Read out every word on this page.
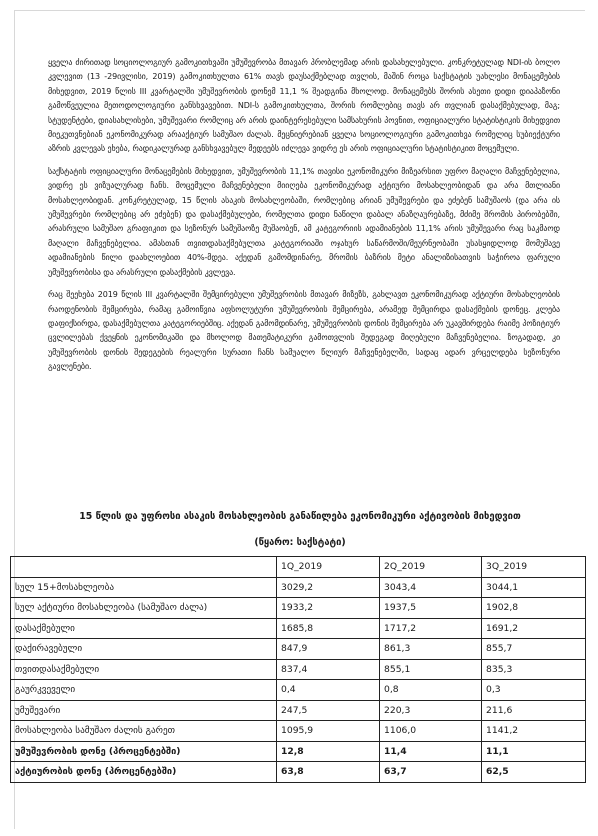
ყველა ძირითად სოციოლოგიურ გამოკითხვაში უმუშევრობა მთავარ პრობლემად არის დასახელებული. კონკრეტულად NDI-ის ბოლო კვლევით (13 -29ივლისი, 2019) გამოკითხულთა 61% თავს დაუსაქმებლად თვლის, მაშინ როცა საქსტატის უახლესი მონაცემების მიხედვით, 2019 წლის III კვარტალში უმუშევრობის დონემ 11,1 % შეადგინა მხოლოდ. მონაცემებს შორის ასეთი დიდი დიაპაზონი გამოწვეულია მეთოდოლოგიური განსხვავებით. NDI-ს გამოკითხულთა, შორის რომლებიც თავს არ თვლიან დასაქმებულად, მაგ; სტუდენტები, დიასახლისები, უმუშევარი რომლიც არ არის დაინტერესებული სამსახურის პოვნით, ოფიციალური სტატისტიკის მიხედვით მიეკუთვნებიან ეკონომიკურად არააქტიურ სამუშაო ძალას. მეცნიერებიან ყველა სოციოლოგიური გამოკითხვა რომელიც სუბიექტური აზრის კვლევას ეხება, რადიკალურად განსხვავებულ მედეებს იძლევა ვიდრე ეს არის ოფიციალური სტატისტიკით მოცემული.

საქსტატის ოფიციალური მონაცემების მიხედვით, უმუშევრობის 11,1% თავისი ეკონომიკური მიზეარსით უფრო მაღალი მაჩვენებელია, ვიდრე ეს ვიზუალურად ჩანს. მოცემული მაჩვენებელი მიიღება ეკონომიკურად აქტიური მოსახლეობიდან და არა მთლიანი მოსახლეობიდან. კონკრეტულად, 15 წლის ასაკის მოსახლეობაში, რომლებიც არიან უმუშევრები და ეძებენ სამუშაოს (და არა ის უმუშევრები რომლებიც არ ეძებენ) და დასაქმებულები, რომელთა დიდი ნაწილი დაბალ ანაზღაურებაზე, მძიმე შრომის პირობებში, არასრული სამუშაო გრაფიკით და სეზონურ სამუშაოზე მუშაობენ, ამ კატეგორიის ადამიანების 11,1% არის უმუშევარი რაც საკმაოდ მაღალი მაჩვენებელია. ამასთან თვითდასაქმებულთა კატეგორიაში ოჯახურ საწარმოში/მეურნეობაში უსასყიდლოდ მომუშავე ადამიანების წილი დაახლოებით 40%-მდეა. აქედან გამომდინარე, მრომის ბაზრის მეტი ანალიზისათვის საჭიროა ფარული უმუშევრობისა და არასრული დასაქმების კვლევა.

რაც შეეხება 2019 წლის III კვარტალში შემცირებული უმუშევრობის მთავარ მიზეზს, გახლავთ ეკონომიკურად აქტიური მოსახლეობის რაოდენობის შემცირება, რამაც გამოიწვია აფსოლუტური უმუშევრობის შემცირება, არამედ შემცირდა დასაქმების დონეც. კლება დაფიქსირდა, დასაქმებულთა კატეგორიებშიც. აქედან გამომდინარე, უმუშევრობის დონის შემცირება არ უკავშირდება რაიმე პოზიტიურ ცვლილებას ქვეყნის ეკონომიკაში და მხოლოდ მათემატიკური გამოთვლის შედეგად მიღებული მაჩვენებელია. ზოგადად, კი უმუშევრობის დონის შედეგების რეალური სურათი ჩანს სამუალო წლიურ მაჩვენებელში, სადაც ადარ ვრცელდება სეზონური გავლენები.

15 წლის და უფროსი ასაკის მოსახლეობის განაწილება ეკონომიკური აქტივობის მიხედვით
(წყარო: საქსტატი)
	1Q_2019	2Q_2019	3Q_2019
სულ 15+მოსახლეობა	3029,2	3043,4	3044,1
სულ აქტიური მოსახლეობა (სამუშაო ძალა)	1933,2	1937,5	1902,8
დასაქმებული	1685,8	1717,2	1691,2
დაქირავებული	847,9	861,3	855,7
თვითდასაქმებული	837,4	855,1	835,3
გაურკვეველი	0,4	0,8	0,3
უმუშევარი	247,5	220,3	211,6
მოსახლეობა სამუშაო ძალის გარეთ	1095,9	1106,0	1141,2
უმუშევრობის დონე (პროცენტებში)	12,8	11,4	11,1
აქტიურობის დონე (პროცენტებში)	63,8	63,7	62,5
